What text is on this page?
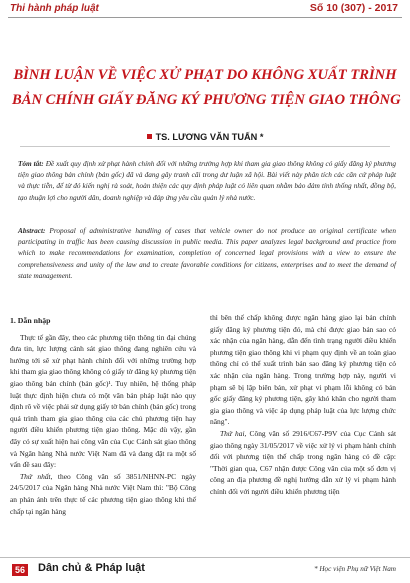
Thi hành pháp luật	Số 10 (307) - 2017
BÌNH LUẬN VỀ VIỆC XỬ PHẠT DO KHÔNG XUẤT TRÌNH
BẢN CHÍNH GIẤY ĐĂNG KÝ PHƯƠNG TIỆN GIAO THÔNG
TS. LƯƠNG VĂN TUẤN *
Tóm tắt: Đề xuất quy định xử phạt hành chính đối với những trường hợp khi tham gia giao thông không có giấy đăng ký phương tiện giao thông bản chính (bản gốc) đã và đang gây tranh cãi trong dư luận xã hội. Bài viết này phân tích các căn cứ pháp luật và thực tiễn, để từ đó kiến nghị rà soát, hoàn thiện các quy định pháp luật có liên quan nhằm bảo đảm tính thống nhất, đồng bộ, tạo thuận lợi cho người dân, doanh nghiệp và đáp ứng yêu cầu quản lý nhà nước.
Abstract: Proposal of administrative handling of cases that vehicle owner do not produce an original certificate when participating in traffic has been causing discussion in public media. This paper analyzes legal background and practice from which to make recommendations for examination, completion of concerned legal provisions with a view to ensure the comprehensiveness and unity of the law and to create favorable conditions for citizens, enterprises and to meet the demand of state management.
1. Dẫn nhập

Thực tế gần đây, theo các phương tiện thông tin đại chúng đưa tin, lực lượng cảnh sát giao thông đang nghiên cứu và hướng tới sẽ xử phạt hành chính đối với những trường hợp khi tham gia giao thông không có giấy tờ đăng ký phương tiện giao thông bản chính (bản gốc)¹. Tuy nhiên, hệ thống pháp luật thực định hiện chưa có một văn bản pháp luật nào quy định rõ về việc phải sử dụng giấy tờ bản chính (bản gốc) trong quá trình tham gia giao thông của các chủ phương tiện hay người điều khiển phương tiện giao thông. Mặc dù vậy, gần đây có sự xuất hiện hai công văn của Cục Cảnh sát giao thông và Ngân hàng Nhà nước Việt Nam đã và đang đặt ra một số vấn đề sau đây:

Thứ nhất, theo Công văn số 3851/NHNN-PC ngày 24/5/2017 của Ngân hàng Nhà nước Việt Nam thì: "Bộ Công an phản ánh trên thực tế các phương tiện giao thông khi thế chấp tại ngân hàng

thì bên thế chấp không được ngân hàng giao lại bản chính giấy đăng ký phương tiện đó, mà chỉ được giao bản sao có xác nhận của ngân hàng, dẫn đến tình trạng người điều khiển phương tiện giao thông khi vi phạm quy định về an toàn giao thông chỉ có thể xuất trình bản sao đăng ký phương tiện có xác nhận của ngân hàng. Trong trường hợp này, người vi phạm sẽ bị lập biên bản, xử phạt vi phạm lỗi không có bản gốc giấy đăng ký phương tiện, gây khó khăn cho người tham gia giao thông và việc áp dụng pháp luật của lực lượng chức năng".

Thứ hai, Công văn số 2916/C67-P9V của Cục Cảnh sát giao thông ngày 31/05/2017 về việc xử lý vi phạm hành chính đối với phương tiện thế chấp trong ngân hàng có đề cập: "Thời gian qua, C67 nhận được Công văn của một số đơn vị công an địa phương đề nghị hướng dẫn xử lý vi phạm hành chính đối với người điều khiển phương tiện

56 Dân chủ & Pháp luật	* Học viện Phụ nữ Việt Nam
